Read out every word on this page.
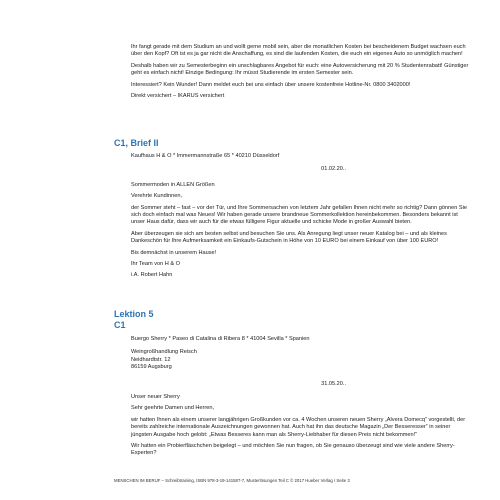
Ihr fangt gerade mit dem Studium an und wollt gerne mobil sein, aber die monatlichen Kosten bei bescheidenem Budget wachsen euch über den Kopf? Oft ist es ja gar nicht die Anschaffung, es sind die laufenden Kosten, die euch ein eigenes Auto so unmöglich machen!

Deshalb haben wir zu Semesterbeginn ein unschlagbares Angebot für euch: eine Autoversicherung mit 20 % Studentenrabatt! Günstiger geht es einfach nicht! Einzige Bedingung: Ihr müsst Studierende im ersten Semester sein.

Interessiert? Kein Wunder! Dann meldet euch bei uns einfach über unsere kostenfreie Hotline-Nr. 0800 3402000!

Direkt versichert – IKARUS versichert

C1, Brief II

Kaufhaus H & O * Immermannstraße 65 * 40210 Düsseldorf

01.02.20..

Sommermoden in ALLEN Größen

Verehrte Kundinnen,

der Sommer steht – fast – vor der Tür, und Ihre Sommersachen von letztem Jahr gefallen Ihnen nicht mehr so richtig? Dann gönnen Sie sich doch einfach mal was Neues! Wir haben gerade unsere brandneue Sommerkollektion hereinbekommen. Besonders bekannt ist unser Haus dafür, dass wir auch für die etwas fülligere Figur aktuelle und schicke Mode in großer Auswahl bieten.

Aber überzeugen sie sich am besten selbst und besuchen Sie uns. Als Anregung liegt unser neuer Katalog bei – und als kleines Dankeschön für Ihre Aufmerksamkeit ein Einkaufs-Gutschein in Höhe von 10 EURO bei einem Einkauf von über 100 EURO!

Bis demnächst in unserem Hause!

Ihr Team von H & O

i.A. Robert Hahn

Lektion 5
C1

Buergo Sherry * Paseo di Catalina di Ribera 8 * 41004 Sevilla * Spanien

Weingroßhandlung Reisch

Neidhardtstr. 12

86159 Augsburg

31.05.20..

Unser neuer Sherry

Sehr geehrte Damen und Herren,

wir hatten Ihnen als einem unserer langjährigen Großkunden vor ca. 4 Wochen unseren neuen Sherry „Alvera Domecq“ vorgestellt, der bereits zahlreiche internationale Auszeichnungen gewonnen hat. Auch hat ihn das deutsche Magazin „Der Besseresser“ in seiner jüngsten Ausgabe hoch gelobt: „Etwas Besseres kann man als Sherry-Liebhaber für diesen Preis nicht bekommen!“

Wir hatten ein Probierfläschchen beigelegt – und möchten Sie nun fragen, ob Sie genauso überzeugt sind wie viele andere Sherry-Experten?

MENSCHEN IM BERUF – Schreibtraining, ISBN 978-3-19-141587-7, Musterlösungen Teil C © 2017 Hueber Verlag / Seite 3
